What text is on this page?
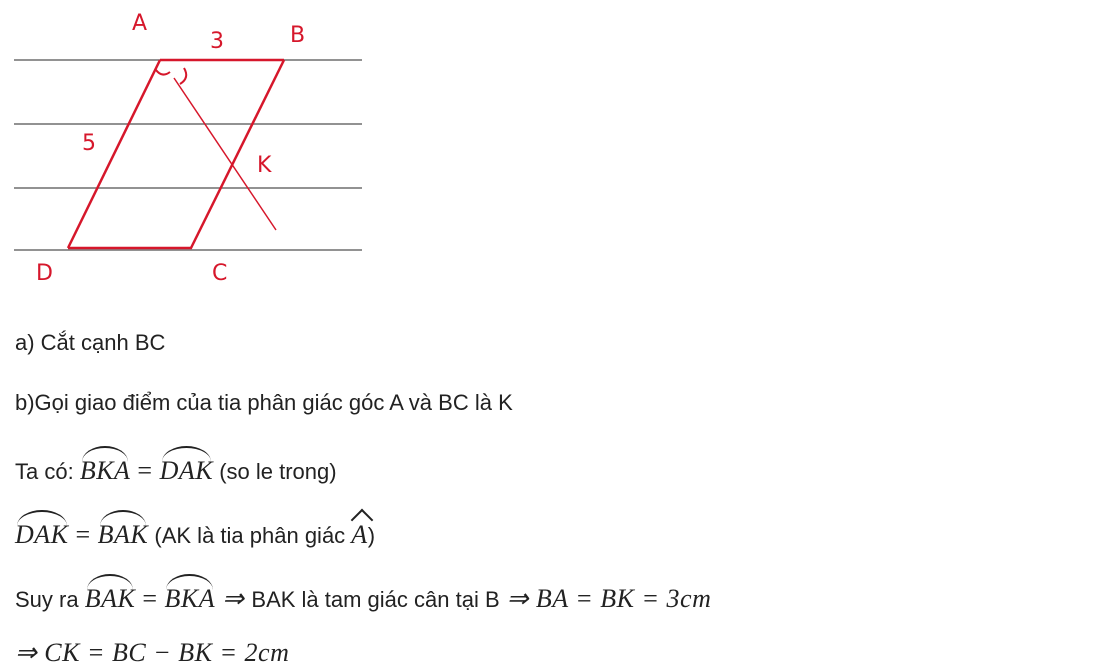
A	B
3
5
K
D	C
a) Cắt cạnh BC
b)Gọi giao điểm của tia phân giác góc A và BC là K
Ta có: BKA = DAK (so le trong)
DAK = BAK (AK là tia phân giác A)
Suy ra BAK = BKA ⇒ BAK là tam giác cân tại B ⇒ BA = BK = 3cm
⇒ CK = BC − BK = 2cm
